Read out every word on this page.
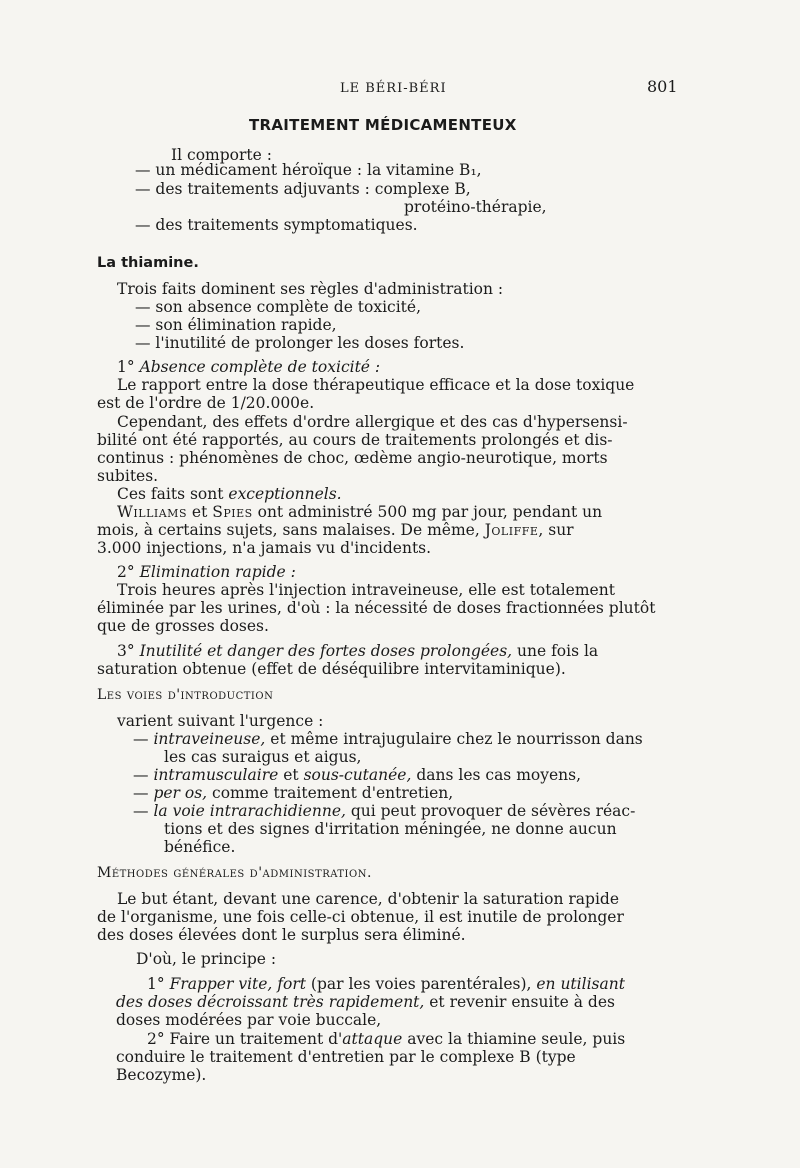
LE BÉRI-BÉRI	801
TRAITEMENT MÉDICAMENTEUX
Il comporte :
— un médicament héroïque : la vitamine B₁,
— des traitements adjuvants : complexe B,
protéino-thérapie,
— des traitements symptomatiques.
La thiamine.
Trois faits dominent ses règles d'administration :
— son absence complète de toxicité,
— son élimination rapide,
— l'inutilité de prolonger les doses fortes.
1° Absence complète de toxicité :
Le rapport entre la dose thérapeutique efficace et la dose toxique
est de l'ordre de 1/20.000e.
Cependant, des effets d'ordre allergique et des cas d'hypersensi-
bilité ont été rapportés, au cours de traitements prolongés et dis-
continus : phénomènes de choc, œdème angio-neurotique, morts
subites.
Ces faits sont exceptionnels.
Williams et Spies ont administré 500 mg par jour, pendant un
mois, à certains sujets, sans malaises. De même, Joliffe, sur
3.000 injections, n'a jamais vu d'incidents.
2° Elimination rapide :
Trois heures après l'injection intraveineuse, elle est totalement
éliminée par les urines, d'où : la nécessité de doses fractionnées plutôt
que de grosses doses.
3° Inutilité et danger des fortes doses prolongées, une fois la
saturation obtenue (effet de déséquilibre intervitaminique).
Les voies d'introduction
varient suivant l'urgence :
— intraveineuse, et même intrajugulaire chez le nourrisson dans
les cas suraigus et aigus,
— intramusculaire et sous-cutanée, dans les cas moyens,
— per os, comme traitement d'entretien,
— la voie intrarachidienne, qui peut provoquer de sévères réac-
tions et des signes d'irritation méningée, ne donne aucun
bénéfice.
Méthodes générales d'administration.
Le but étant, devant une carence, d'obtenir la saturation rapide
de l'organisme, une fois celle-ci obtenue, il est inutile de prolonger
des doses élevées dont le surplus sera éliminé.
D'où, le principe :
1° Frapper vite, fort (par les voies parentérales), en utilisant
des doses décroissant très rapidement, et revenir ensuite à des
doses modérées par voie buccale,
2° Faire un traitement d'attaque avec la thiamine seule, puis
conduire le traitement d'entretien par le complexe B (type
Becozyme).
